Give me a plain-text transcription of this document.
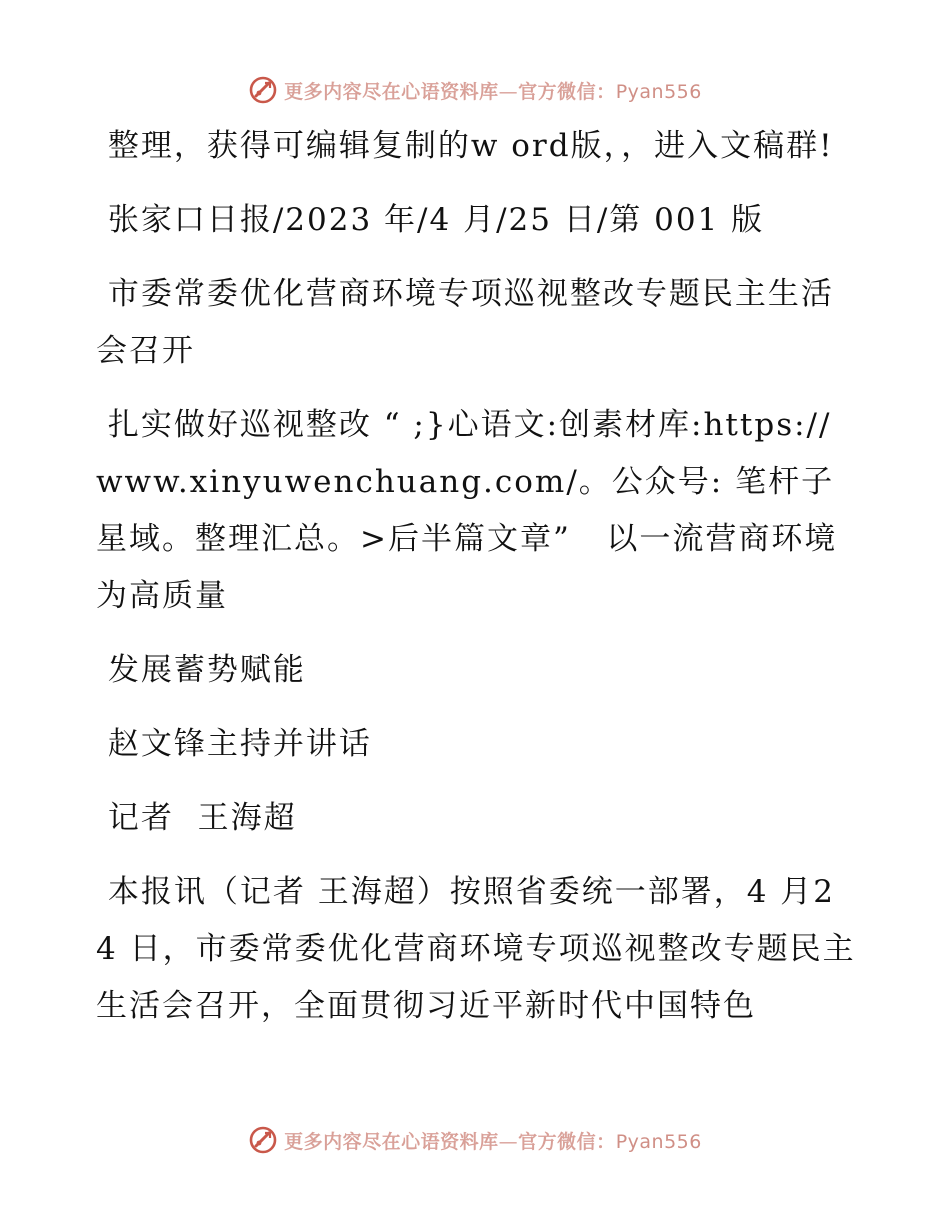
更多内容尽在心语资料库—官方微信：Pyan556

整理，获得可编辑复制的w ord版，，进入文稿群!

张家口日报/2023 年/4 月/25 日/第 001 版

市委常委优化营商环境专项巡视整改专题民主生活会召开

扎实做好巡视整改 “ ;}心语文:创素材库:https://www.xinyuwenchuang.com/。公众号: 笔杆子星域。整理汇总。>后半篇文章”   以一流营商环境为高质量

发展蓄势赋能

赵文锋主持并讲话

记者  王海超

本报讯（记者 王海超）按照省委统一部署，4 月24 日，市委常委优化营商环境专项巡视整改专题民主生活会召开，全面贯彻习近平新时代中国特色

更多内容尽在心语资料库—官方微信：Pyan556
